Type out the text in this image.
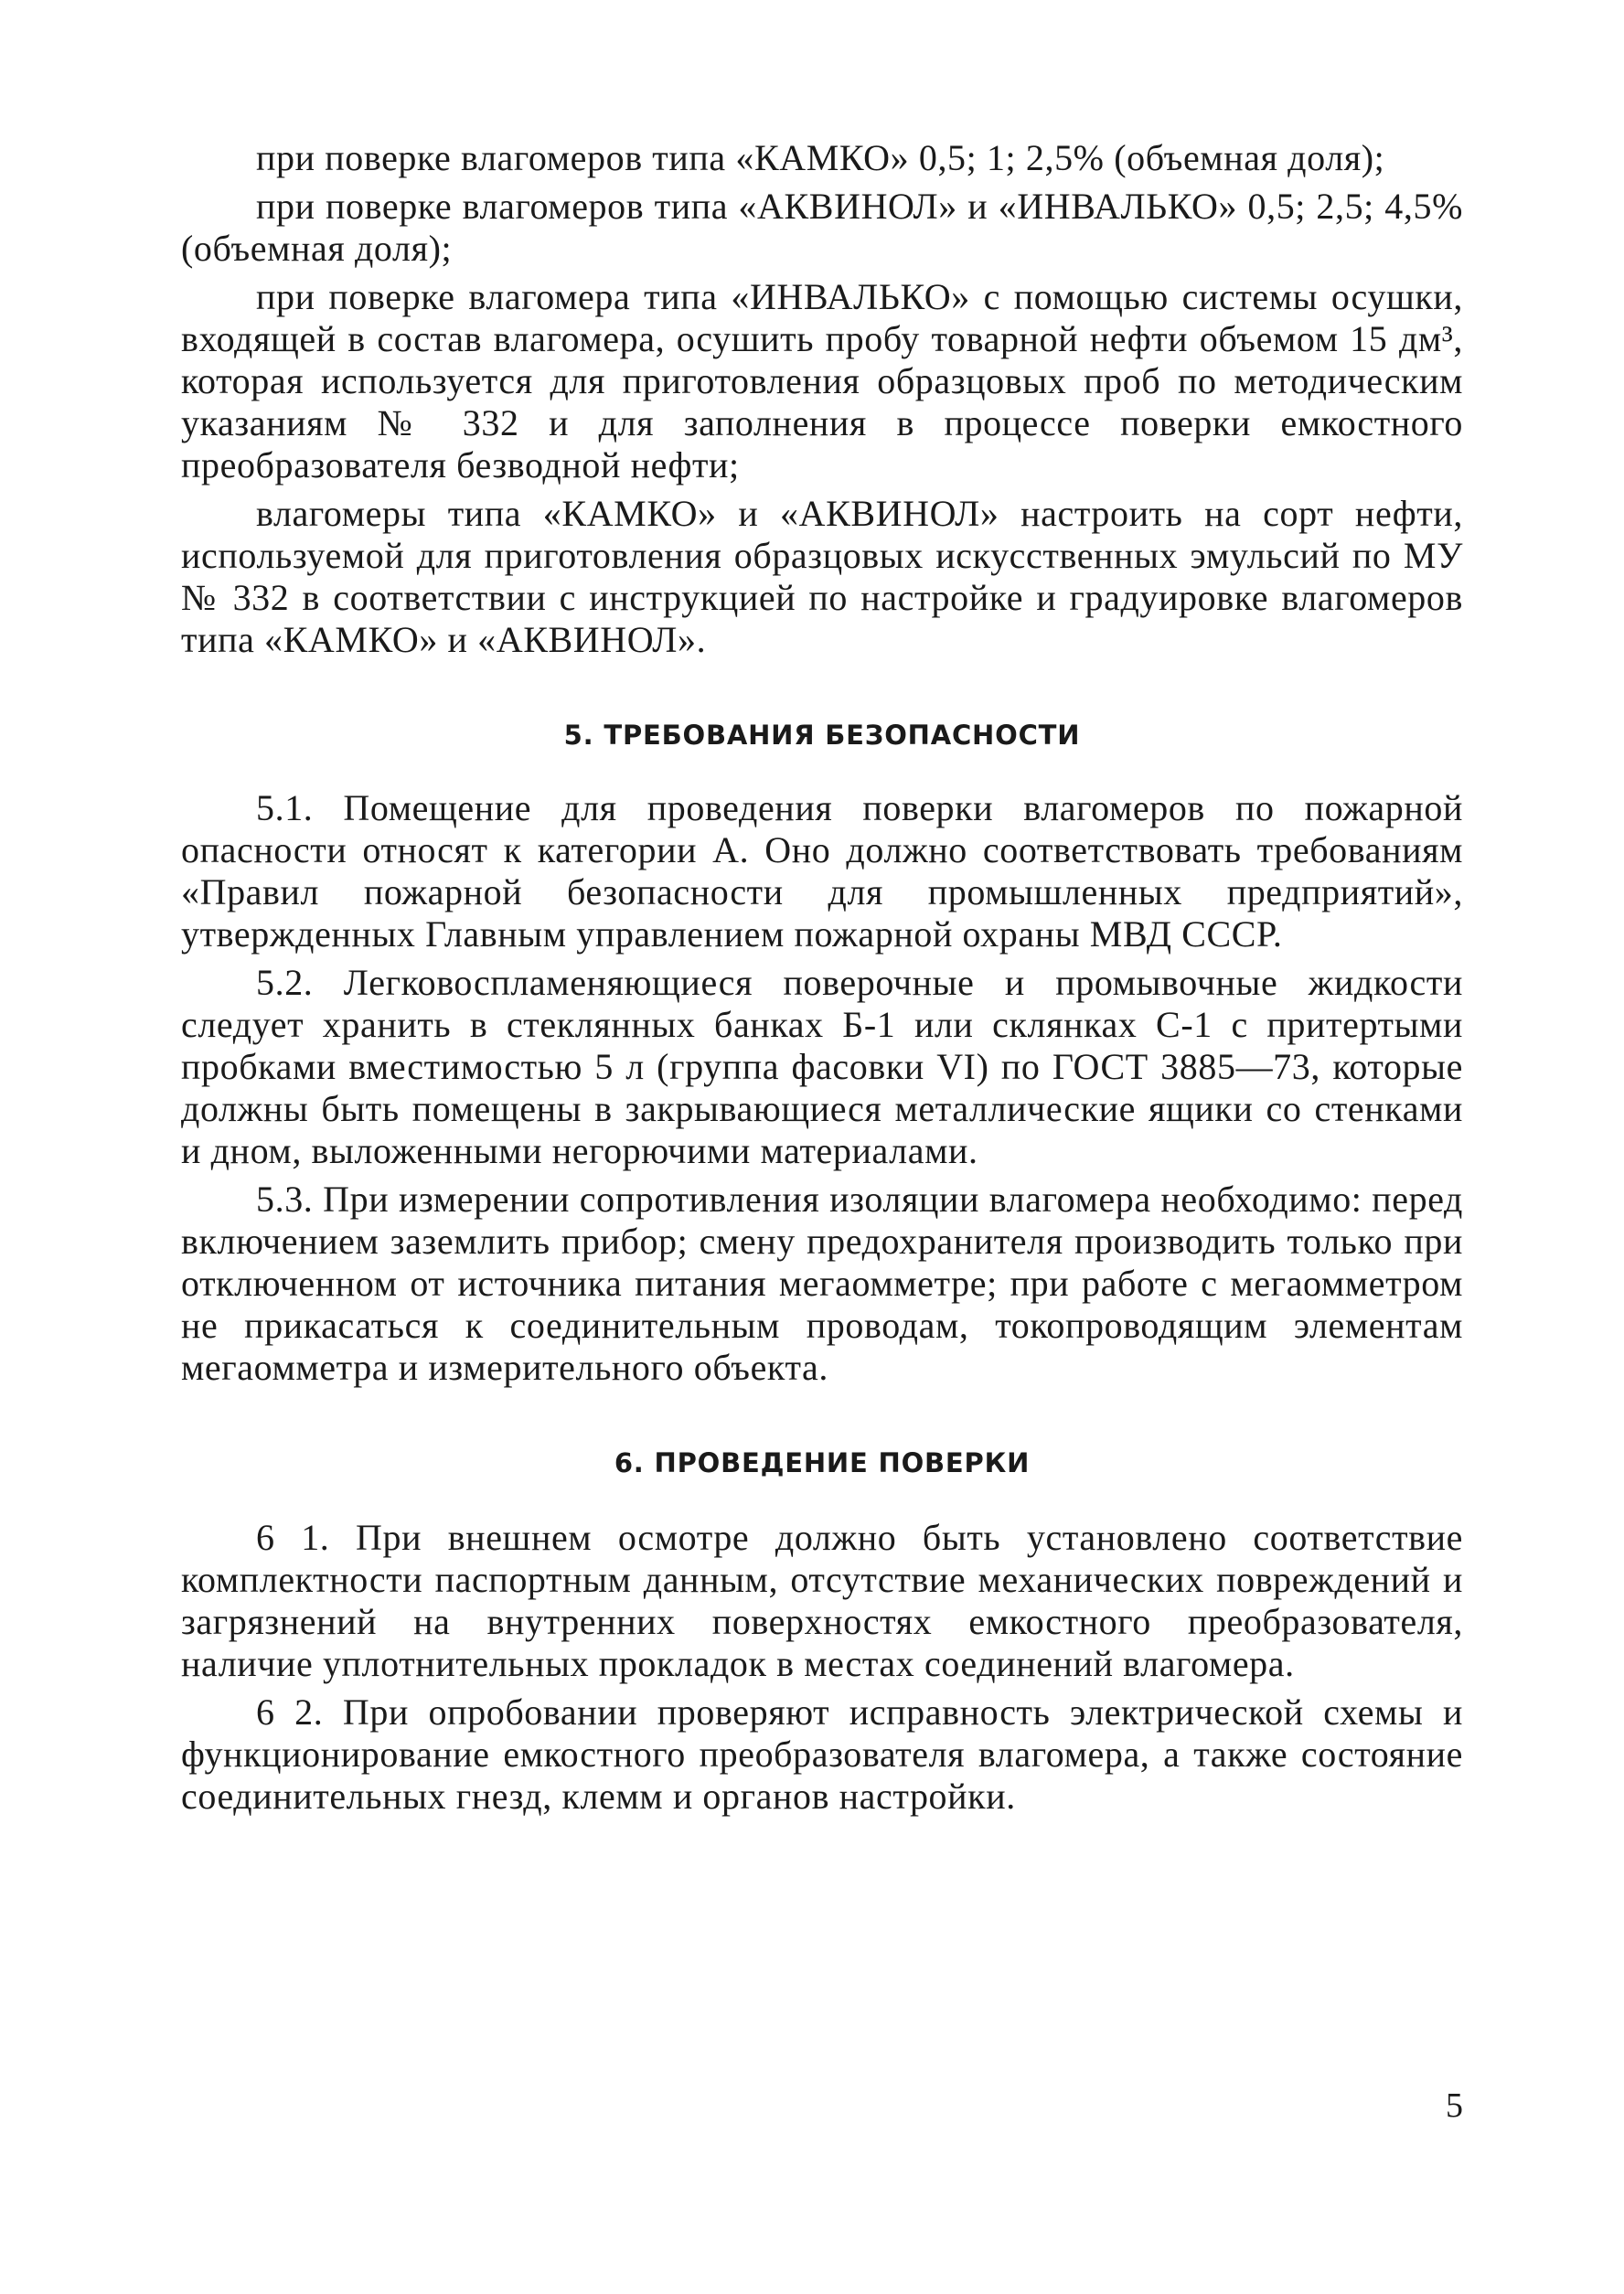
при поверке влагомеров типа «КАМКО» 0,5; 1; 2,5% (объемная доля);

при поверке влагомеров типа «АКВИНОЛ» и «ИНВАЛЬКО» 0,5; 2,5; 4,5% (объемная доля);

при поверке влагомера типа «ИНВАЛЬКО» с помощью системы осушки, входящей в состав влагомера, осушить пробу товарной нефти объемом 15 дм³, которая используется для приготовления образцовых проб по методическим указаниям № 332 и для заполнения в процессе поверки емкостного преобразователя безводной нефти;

влагомеры типа «КАМКО» и «АКВИНОЛ» настроить на сорт нефти, используемой для приготовления образцовых искусственных эмульсий по МУ № 332 в соответствии с инструкцией по настройке и градуировке влагомеров типа «КАМКО» и «АКВИНОЛ».

5. ТРЕБОВАНИЯ БЕЗОПАСНОСТИ

5.1. Помещение для проведения поверки влагомеров по пожарной опасности относят к категории А. Оно должно соответствовать требованиям «Правил пожарной безопасности для промышленных предприятий», утвержденных Главным управлением пожарной охраны МВД СССР.

5.2. Легковоспламеняющиеся поверочные и промывочные жидкости следует хранить в стеклянных банках Б-1 или склянках С-1 с притертыми пробками вместимостью 5 л (группа фасовки VI) по ГОСТ 3885—73, которые должны быть помещены в закрывающиеся металлические ящики со стенками и дном, выложенными негорючими материалами.

5.3. При измерении сопротивления изоляции влагомера необходимо: перед включением заземлить прибор; смену предохранителя производить только при отключенном от источника питания мегаомметре; при работе с мегаомметром не прикасаться к соединительным проводам, токопроводящим элементам мегаомметра и измерительного объекта.

6. ПРОВЕДЕНИЕ ПОВЕРКИ

6 1. При внешнем осмотре должно быть установлено соответствие комплектности паспортным данным, отсутствие механических повреждений и загрязнений на внутренних поверхностях емкостного преобразователя, наличие уплотнительных прокладок в местах соединений влагомера.

6 2. При опробовании проверяют исправность электрической схемы и функционирование емкостного преобразователя влагомера, а также состояние соединительных гнезд, клемм и органов настройки.

5
